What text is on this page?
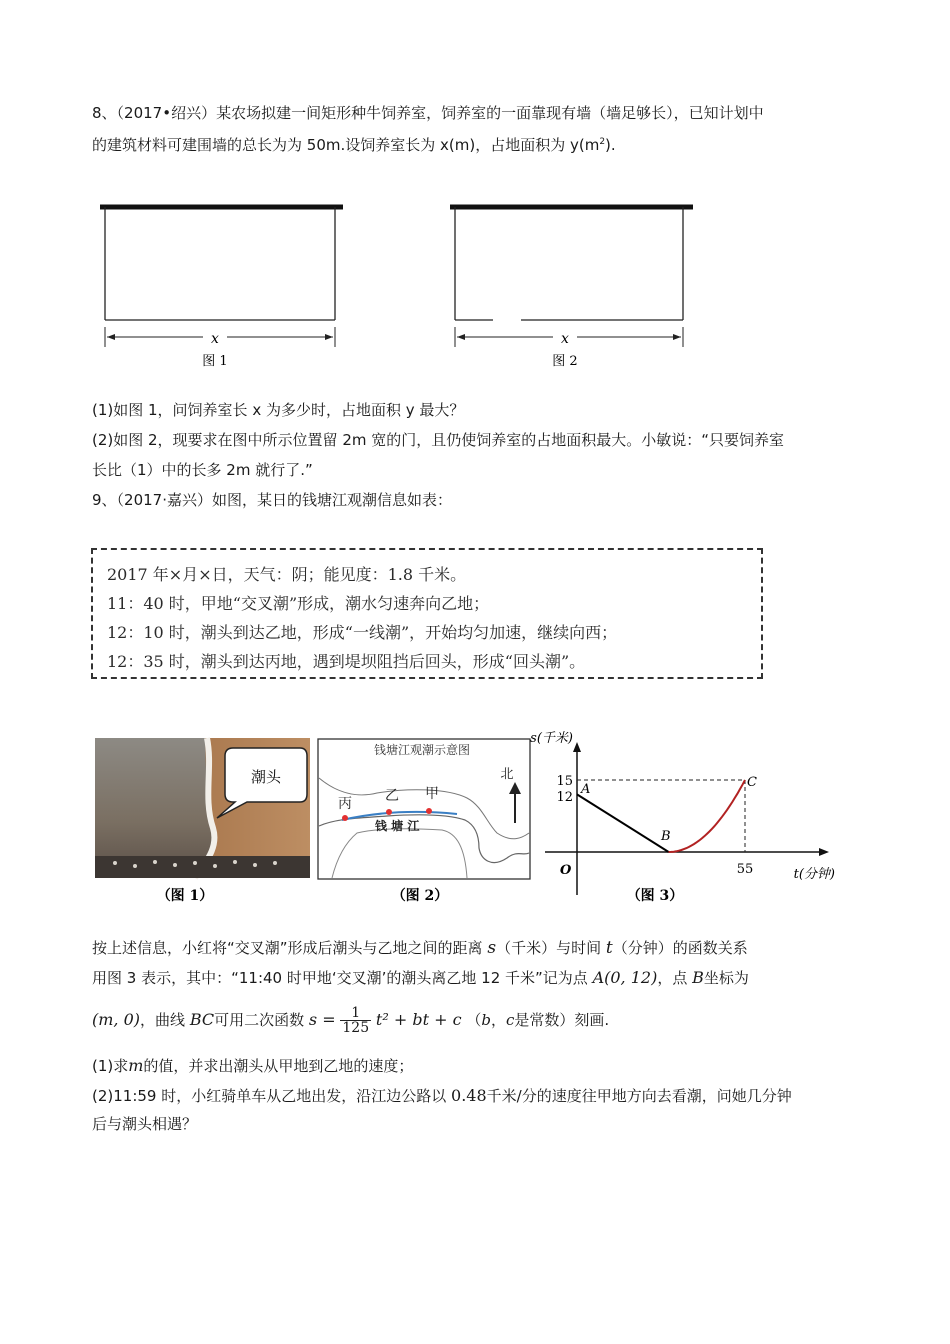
8、（2017•绍兴）某农场拟建一间矩形种牛饲养室，饲养室的一面靠现有墙（墙足够长），已知计划中
的建筑材料可建围墙的总长为为 50m.设饲养室长为 x(m)，占地面积为 $y(m^2)$.
x
图 1
x
图 2
(1)如图 1，问饲养室长 x 为多少时，占地面积 y 最大？
(2)如图 2，现要求在图中所示位置留 2m 宽的门，且仍使饲养室的占地面积最大。小敏说：“只要饲养室
长比（1）中的长多 2m 就行了.”
9、（2017·嘉兴）如图，某日的钱塘江观潮信息如表：
2017 年×月×日，天气：阴；能见度：1.8 千米。
11：40 时，甲地“交叉潮”形成，潮水匀速奔向乙地；
12：10 时，潮头到达乙地，形成“一线潮”，开始均匀加速，继续向西；
12：35 时，潮头到达丙地，遇到堤坝阻挡后回头，形成“回头潮”。
潮头
（图 1）
钱塘江观潮示意图
丙 乙 甲
钱 塘 江
北
（图 2）
s(千米)
t(分钟)
O
15
12
55
A
B
C
（图 3）
按上述信息，小红将“交叉潮”形成后潮头与乙地之间的距离 s（千米）与时间 t（分钟）的函数关系
用图 3 表示，其中：“11:40 时甲地‘交叉潮’的潮头离乙地 12 千米”记为点 A(0, 12)，点 B坐标为
(m, 0)，曲线 BC可用二次函数 $s = \frac{1}{125} t^2$ + bt + c （b，c是常数）刻画.
(1)求m的值，并求出潮头从甲地到乙地的速度；
(2)11:59 时，小红骑单车从乙地出发，沿江边公路以 0.48千米/分的速度往甲地方向去看潮，问她几分钟
后与潮头相遇？
